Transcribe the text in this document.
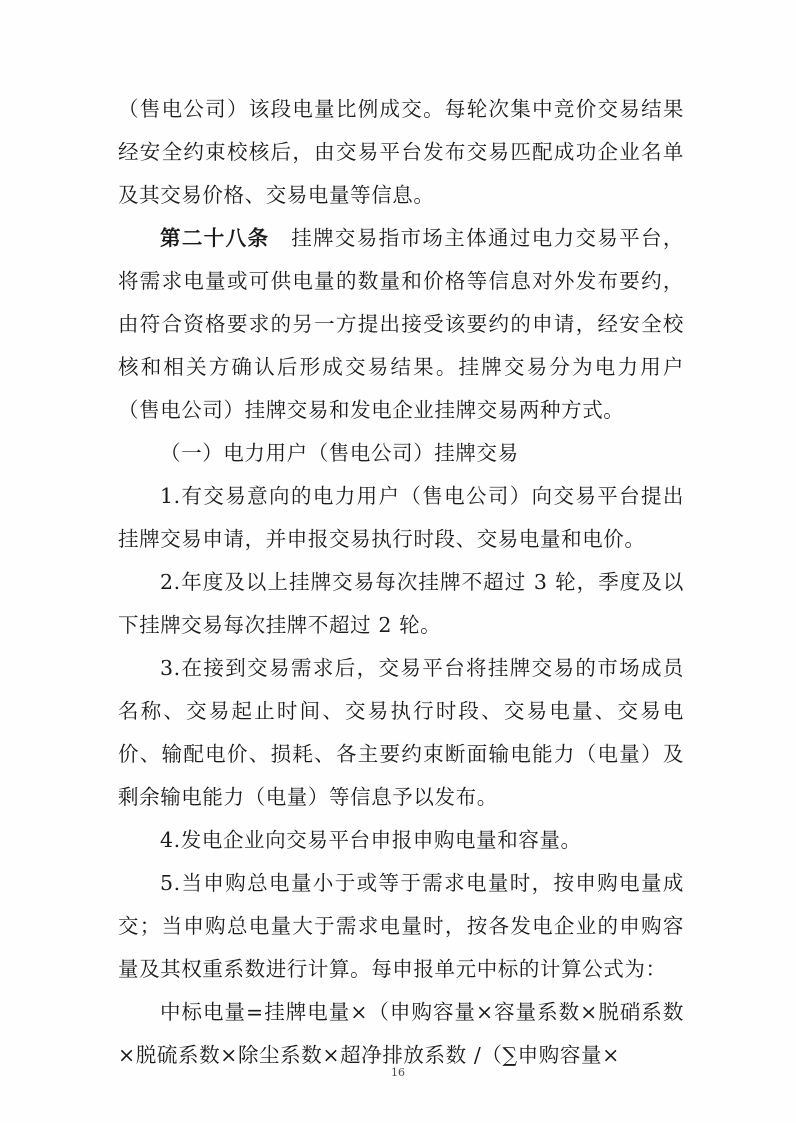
（售电公司）该段电量比例成交。每轮次集中竞价交易结果经安全约束校核后，由交易平台发布交易匹配成功企业名单及其交易价格、交易电量等信息。

第二十八条　 挂牌交易指市场主体通过电力交易平台，将需求电量或可供电量的数量和价格等信息对外发布要约，由符合资格要求的另一方提出接受该要约的申请，经安全校核和相关方确认后形成交易结果。挂牌交易分为电力用户（售电公司）挂牌交易和发电企业挂牌交易两种方式。

（一）电力用户（售电公司）挂牌交易

1.有交易意向的电力用户（售电公司）向交易平台提出挂牌交易申请，并申报交易执行时段、交易电量和电价。

2.年度及以上挂牌交易每次挂牌不超过 3 轮，季度及以下挂牌交易每次挂牌不超过 2 轮。

3.在接到交易需求后，交易平台将挂牌交易的市场成员名称、交易起止时间、交易执行时段、交易电量、交易电价、输配电价、损耗、各主要约束断面输电能力（电量）及剩余输电能力（电量）等信息予以发布。

4.发电企业向交易平台申报申购电量和容量。

5.当申购总电量小于或等于需求电量时，按申购电量成交；当申购总电量大于需求电量时，按各发电企业的申购容量及其权重系数进行计算。每申报单元中标的计算公式为：

中标电量=挂牌电量×（申购容量×容量系数×脱硝系数×脱硫系数×除尘系数×超净排放系数 /（∑申购容量×

16
